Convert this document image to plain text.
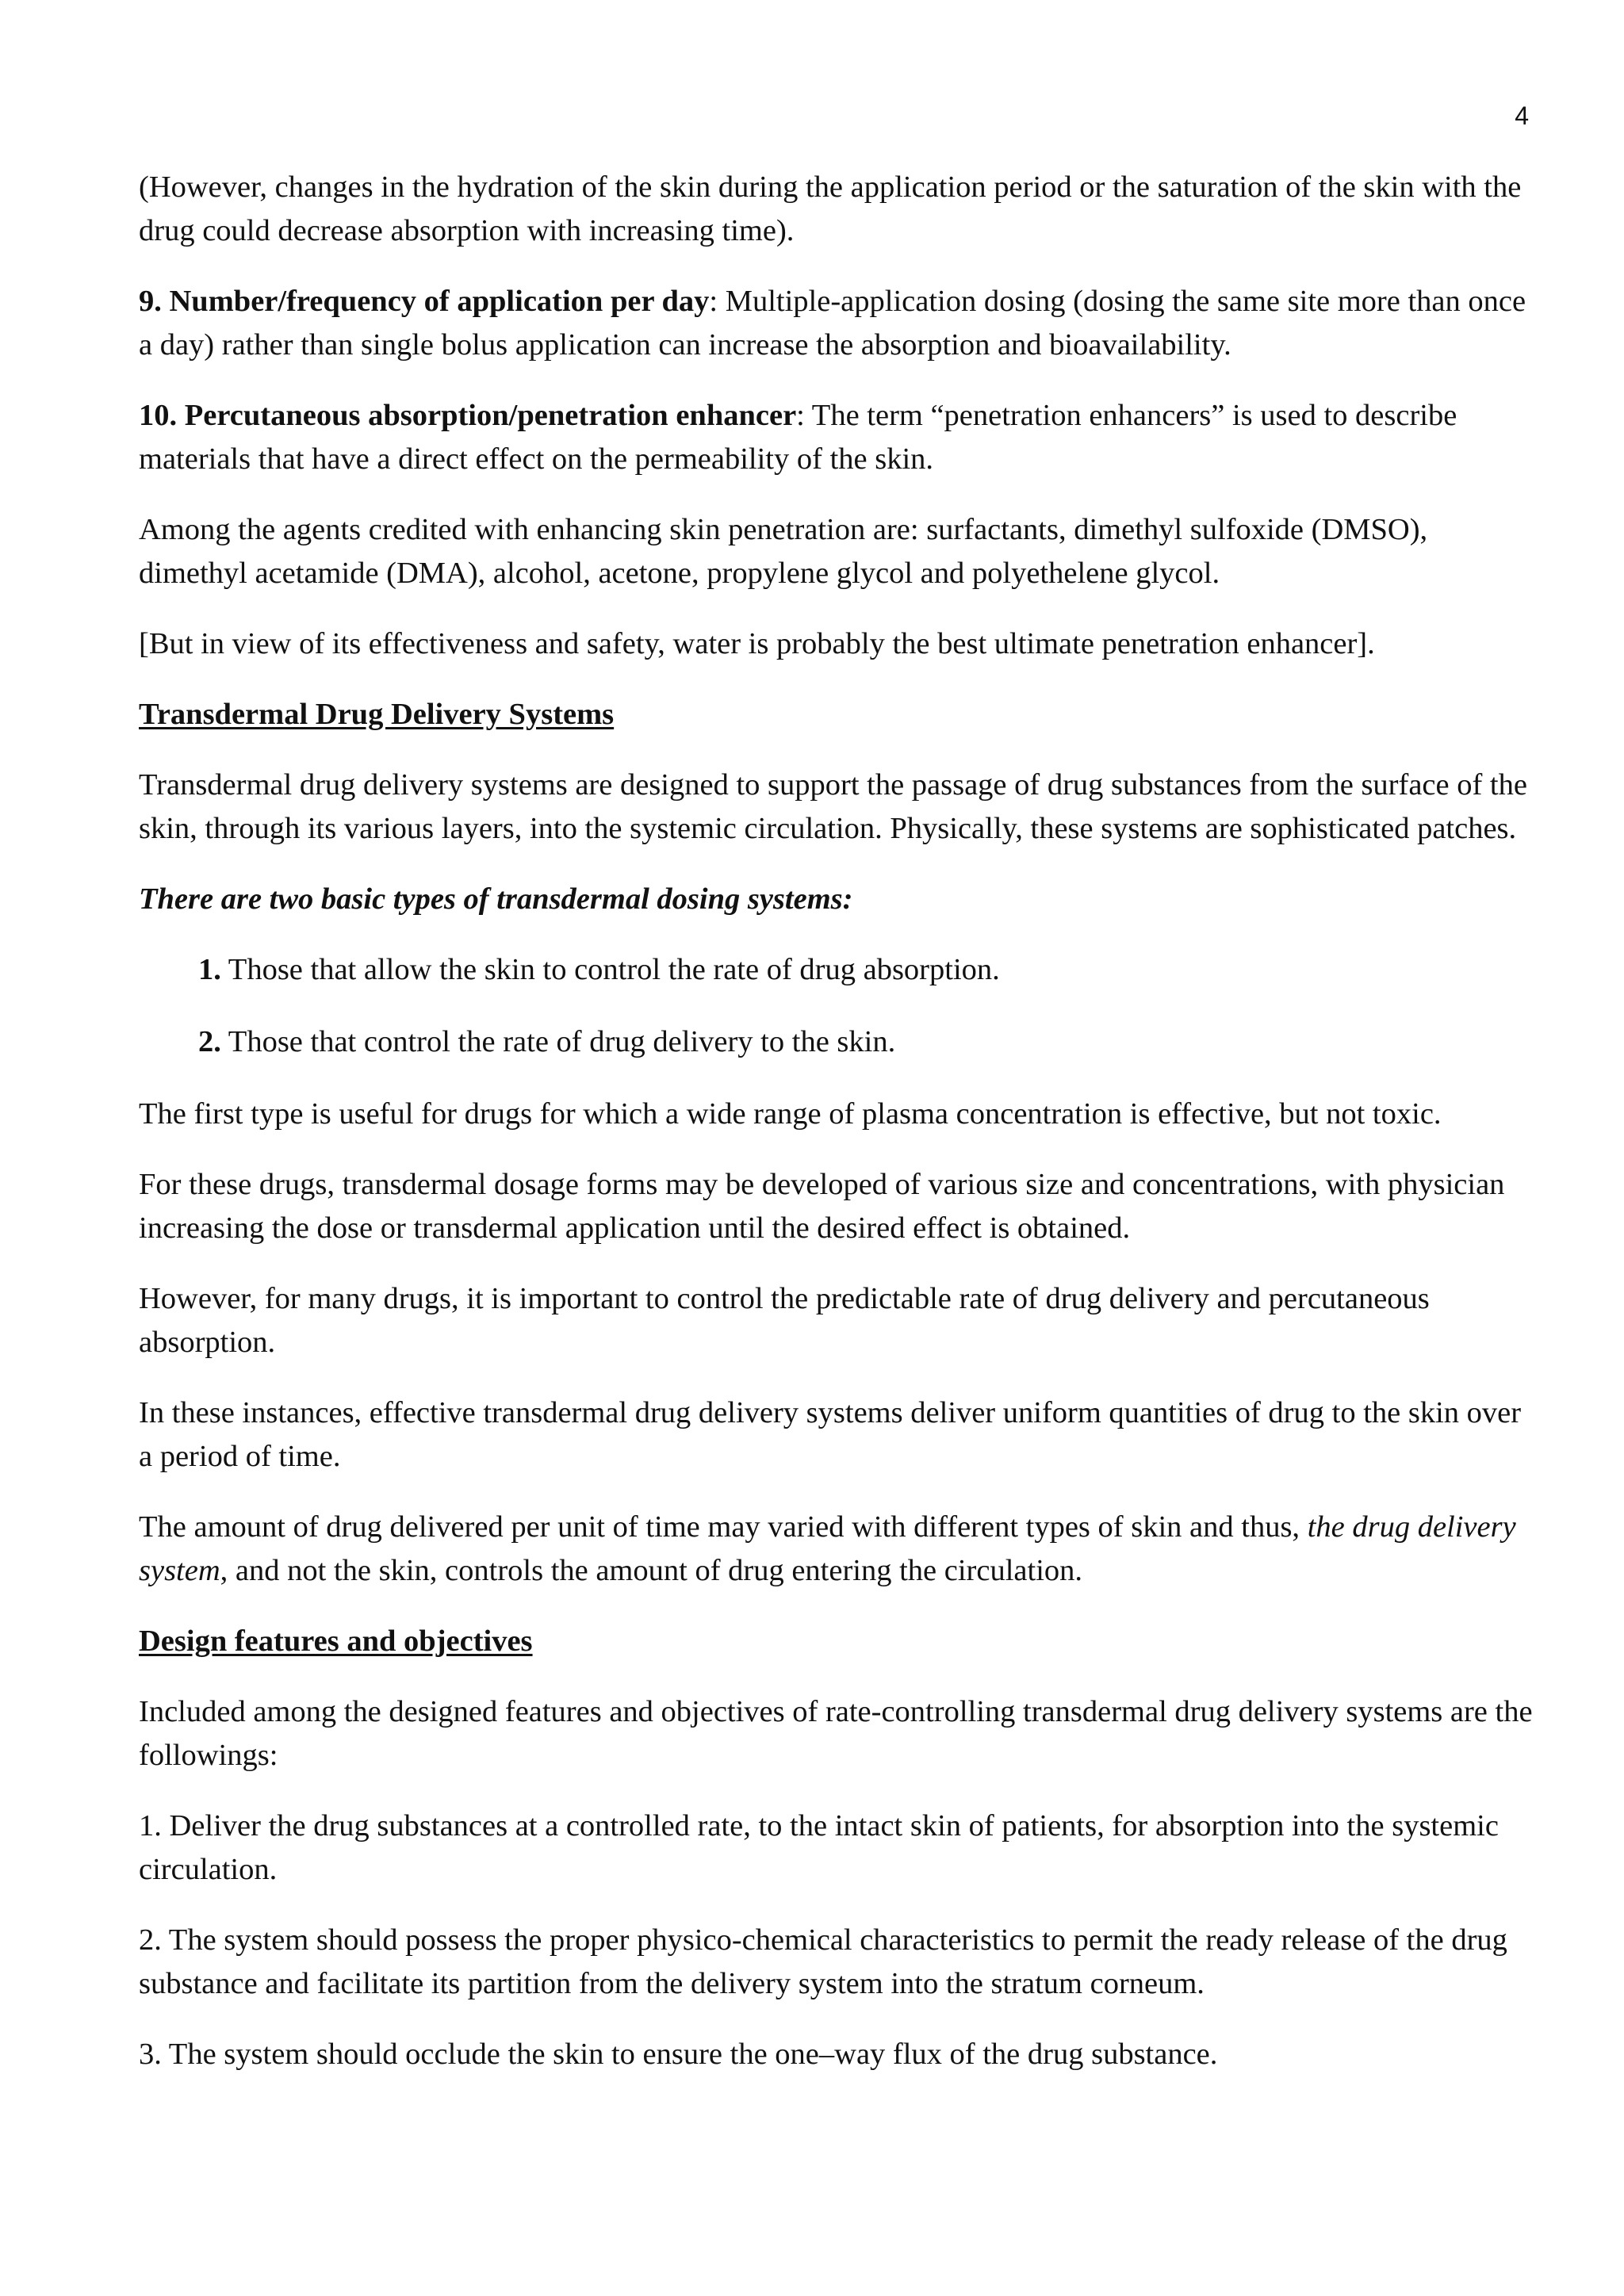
4

(However, changes in the hydration of the skin during the application period or the saturation of the skin with the drug could decrease absorption with increasing time).

9. Number/frequency of application per day: Multiple-application dosing (dosing the same site more than once a day) rather than single bolus application can increase the absorption and bioavailability.

10. Percutaneous absorption/penetration enhancer: The term “penetration enhancers” is used to describe materials that have a direct effect on the permeability of the skin.

Among the agents credited with enhancing skin penetration are: surfactants, dimethyl sulfoxide (DMSO), dimethyl acetamide (DMA), alcohol, acetone, propylene glycol and polyethelene glycol.

[But in view of its effectiveness and safety, water is probably the best ultimate penetration enhancer].

Transdermal Drug Delivery Systems

Transdermal drug delivery systems are designed to support the passage of drug substances from the surface of the skin, through its various layers, into the systemic circulation. Physically, these systems are sophisticated patches.

There are two basic types of transdermal dosing systems:

1. Those that allow the skin to control the rate of drug absorption.

2. Those that control the rate of drug delivery to the skin.

The first type is useful for drugs for which a wide range of plasma concentration is effective, but not toxic.

For these drugs, transdermal dosage forms may be developed of various size and concentrations, with physician increasing the dose or transdermal application until the desired effect is obtained.

However, for many drugs, it is important to control the predictable rate of drug delivery and percutaneous absorption.

In these instances, effective transdermal drug delivery systems deliver uniform quantities of drug to the skin over a period of time.

The amount of drug delivered per unit of time may varied with different types of skin and thus, the drug delivery system, and not the skin, controls the amount of drug entering the circulation.

Design features and objectives

Included among the designed features and objectives of rate-controlling transdermal drug delivery systems are the followings:

1. Deliver the drug substances at a controlled rate, to the intact skin of patients, for absorption into the systemic circulation.

2. The system should possess the proper physico-chemical characteristics to permit the ready release of the drug substance and facilitate its partition from the delivery system into the stratum corneum.

3. The system should occlude the skin to ensure the one–way flux of the drug substance.
